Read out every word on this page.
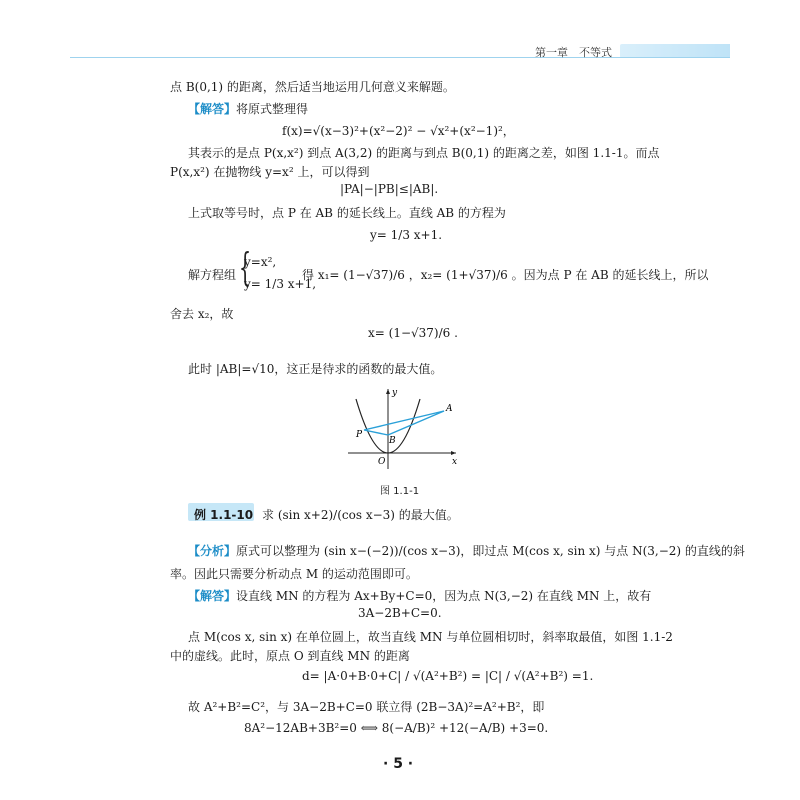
第一章　不等式
点 B(0,1) 的距离，然后适当地运用几何意义来解题。
【解答】将原式整理得
f(x)=√(x−3)²+(x²−2)² − √x²+(x²−1)²，
其表示的是点 P(x,x²) 到点 A(3,2) 的距离与到点 B(0,1) 的距离之差，如图 1.1-1。而点
P(x,x²) 在抛物线 y=x² 上，可以得到
|PA|−|PB|≤|AB|.
上式取等号时，点 P 在 AB 的延长线上。直线 AB 的方程为
y= 1/3 x+1.
解方程组 {
y=x²,
y= 1/3 x+1,
得 x₁= (1−√37)/6 ，x₂= (1+√37)/6 。因为点 P 在 AB 的延长线上，所以
舍去 x₂，故
x= (1−√37)/6 .
此时 |AB|=√10，这正是待求的函数的最大值。
y
x
O
A
B
P
图 1.1-1
例 1.1-10 求 (sin x+2)/(cos x−3) 的最大值。
【分析】原式可以整理为 (sin x−(−2))/(cos x−3)，即过点 M(cos x, sin x) 与点 N(3,−2) 的直线的斜
率。因此只需要分析动点 M 的运动范围即可。
【解答】设直线 MN 的方程为 Ax+By+C=0，因为点 N(3,−2) 在直线 MN 上，故有
3A−2B+C=0.
点 M(cos x, sin x) 在单位圆上，故当直线 MN 与单位圆相切时，斜率取最值，如图 1.1-2
中的虚线。此时，原点 O 到直线 MN 的距离
d= |A·0+B·0+C| / √(A²+B²) = |C| / √(A²+B²) =1.
故 A²+B²=C²，与 3A−2B+C=0 联立得 (2B−3A)²=A²+B²，即
8A²−12AB+3B²=0 ⟺ 8(−A/B)² +12(−A/B) +3=0.
· 5 ·
